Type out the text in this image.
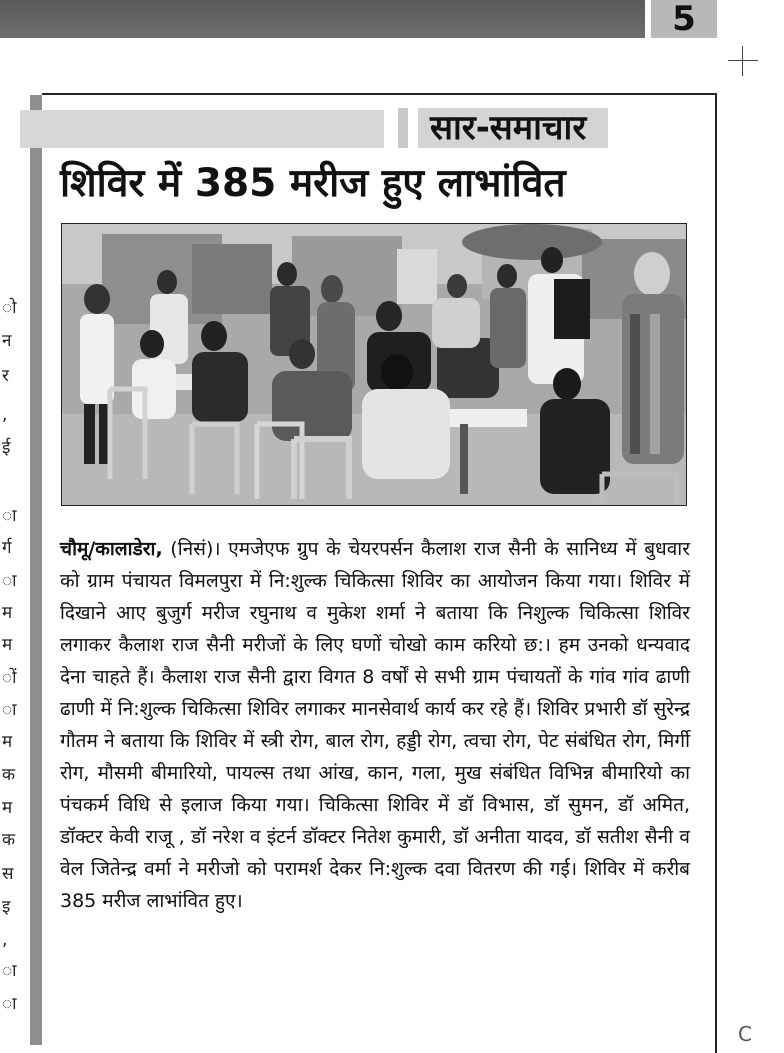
5
ो
न
र
,
ई
ा
र्ग
ा
म
म
ों
ा
म
क
म
क
स
इ
,
ा
ा
सार-समाचार
शिविर में 385 मरीज हुए लाभांवित

चौमू/कालाडेरा, (निसं)। एमजेएफ ग्रुप के चेयरपर्सन कैलाश राज सैनी के सानिध्य में बुधवार को ग्राम पंचायत विमलपुरा में नि:शुल्क चिकित्सा शिविर का आयोजन किया गया। शिविर में दिखाने आए बुजुर्ग मरीज रघुनाथ व मुकेश शर्मा ने बताया कि निशुल्क चिकित्सा शिविर लगाकर कैलाश राज सैनी मरीजों के लिए घणों चोखो काम करियो छ:। हम उनको धन्यवाद देना चाहते हैं। कैलाश राज सैनी द्वारा विगत 8 वर्षों से सभी ग्राम पंचायतों के गांव गांव ढाणी ढाणी में नि:शुल्क चिकित्सा शिविर लगाकर मानसेवार्थ कार्य कर रहे हैं। शिविर प्रभारी डॉ सुरेन्द्र गौतम ने बताया कि शिविर में स्त्री रोग, बाल रोग, हड्डी रोग, त्वचा रोग, पेट संबंधित रोग, मिर्गी रोग, मौसमी बीमारियो, पायल्स तथा आंख, कान, गला, मुख संबंधित विभिन्न बीमारियो का पंचकर्म विधि से इलाज किया गया। चिकित्सा शिविर में डॉ विभास, डॉ सुमन, डॉ अमित, डॉक्टर केवी राजू , डॉ नरेश व इंटर्न डॉक्टर नितेश कुमारी, डॉ अनीता यादव, डॉ सतीश सैनी व वेल जितेन्द्र वर्मा ने मरीजो को परामर्श देकर नि:शुल्क दवा वितरण की गई। शिविर में करीब 385 मरीज लाभांवित हुए।

C
